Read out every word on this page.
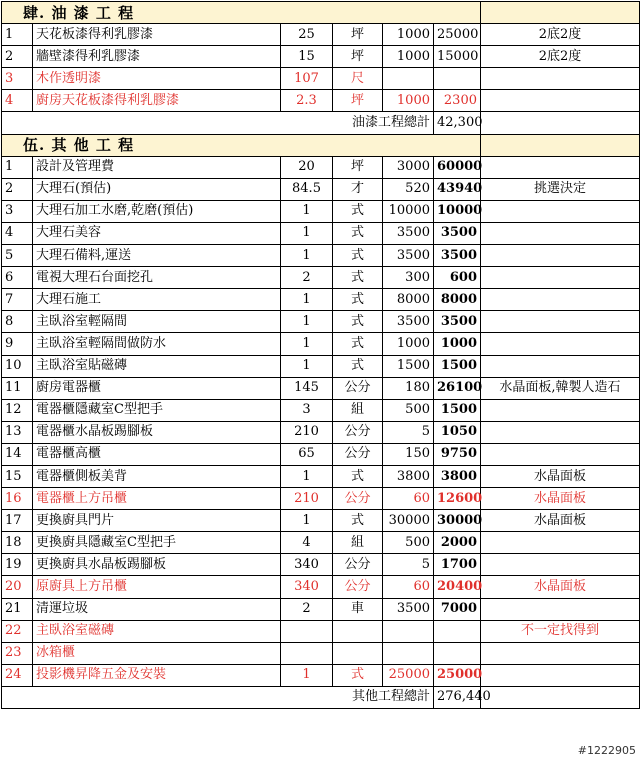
肆. 油 漆 工 程						
1	天花板漆得利乳膠漆	25	坪	1000	25000	2底2度
2	牆壁漆得利乳膠漆	15	坪	1000	15000	2底2度
3	木作透明漆	107	尺			
4	廚房天花板漆得利乳膠漆	2.3	坪	1000	2300	
油漆工程總計					42,300	
伍. 其 他 工 程						
1	設計及管理費	20	坪	3000	60000	
2	大理石(預估)	84.5	才	520	43940	挑選決定
3	大理石加工水磨,乾磨(預估)	1	式	10000	10000	
4	大理石美容	1	式	3500	3500	
5	大理石備料,運送	1	式	3500	3500	
6	電視大理石台面挖孔	2	式	300	600	
7	大理石施工	1	式	8000	8000	
8	主臥浴室輕隔間	1	式	3500	3500	
9	主臥浴室輕隔間做防水	1	式	1000	1000	
10	主臥浴室貼磁磚	1	式	1500	1500	
11	廚房電器櫃	145	公分	180	26100	水晶面板,韓製人造石
12	電器櫃隱藏室C型把手	3	組	500	1500	
13	電器櫃水晶板踢腳板	210	公分	5	1050	
14	電器櫃高櫃	65	公分	150	9750	
15	電器櫃側板美背	1	式	3800	3800	水晶面板
16	電器櫃上方吊櫃	210	公分	60	12600	水晶面板
17	更換廚具門片	1	式	30000	30000	水晶面板
18	更換廚具隱藏室C型把手	4	組	500	2000	
19	更換廚具水晶板踢腳板	340	公分	5	1700	
20	原廚具上方吊櫃	340	公分	60	20400	水晶面板
21	清運垃圾	2	車	3500	7000	
22	主臥浴室磁磚					不一定找得到
23	冰箱櫃					
24	投影機昇降五金及安裝	1	式	25000	25000	
其他工程總計					276,440	
#1222905
